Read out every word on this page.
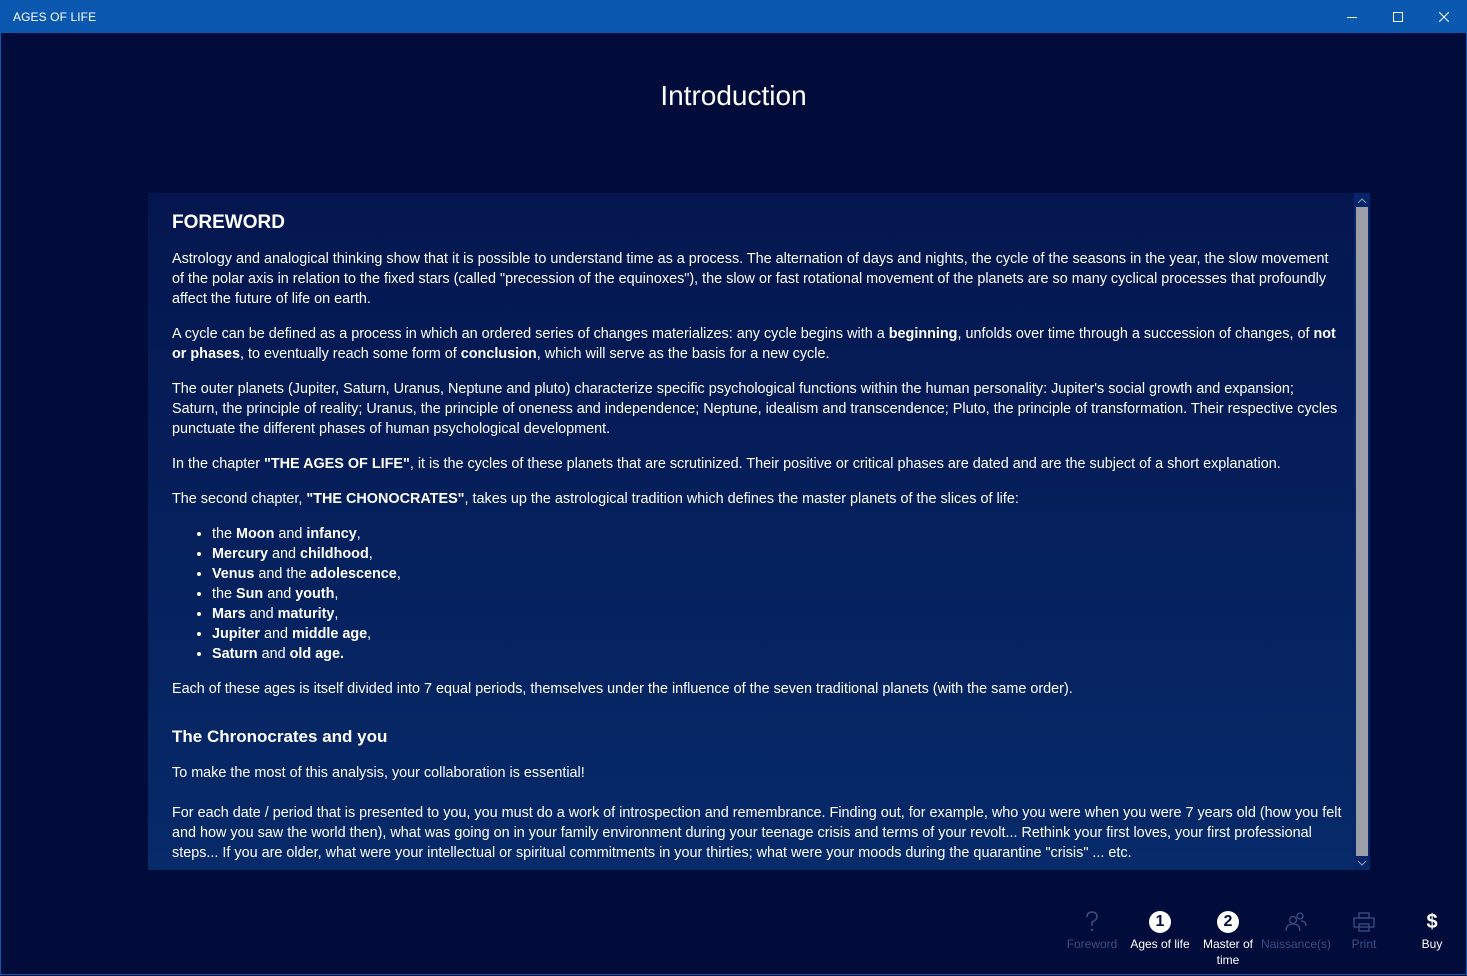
AGES OF LIFE
Introduction
FOREWORD

Astrology and analogical thinking show that it is possible to understand time as a process. The alternation of days and nights, the cycle of the seasons in the year, the slow movement of the polar axis in relation to the fixed stars (called "precession of the equinoxes"), the slow or fast rotational movement of the planets are so many cyclical processes that profoundly affect the future of life on earth.

A cycle can be defined as a process in which an ordered series of changes materializes: any cycle begins with a beginning, unfolds over time through a succession of changes, of not or phases, to eventually reach some form of conclusion, which will serve as the basis for a new cycle.

The outer planets (Jupiter, Saturn, Uranus, Neptune and pluto) characterize specific psychological functions within the human personality: Jupiter's social growth and expansion; Saturn, the principle of reality; Uranus, the principle of oneness and independence; Neptune, idealism and transcendence; Pluto, the principle of transformation. Their respective cycles punctuate the different phases of human psychological development.

In the chapter "THE AGES OF LIFE", it is the cycles of these planets that are scrutinized. Their positive or critical phases are dated and are the subject of a short explanation.

The second chapter, "THE CHONOCRATES", takes up the astrological tradition which defines the master planets of the slices of life:

• the Moon and infancy,
• Mercury and childhood,
• Venus and the adolescence,
• the Sun and youth,
• Mars and maturity,
• Jupiter and middle age,
• Saturn and old age.

Each of these ages is itself divided into 7 equal periods, themselves under the influence of the seven traditional planets (with the same order).

The Chronocrates and you

To make the most of this analysis, your collaboration is essential!

For each date / period that is presented to you, you must do a work of introspection and remembrance. Finding out, for example, who you were when you were 7 years old (how you felt and how you saw the world then), what was going on in your family environment during your teenage crisis and terms of your revolt... Rethink your first loves, your first professional steps... If you are older, what were your intellectual or spiritual commitments in your thirties; what were your moods during the quarantine "crisis" ... etc.

Foreword
1
Ages of life
2
Master of time
Naissance(s) Print
$
Buy
